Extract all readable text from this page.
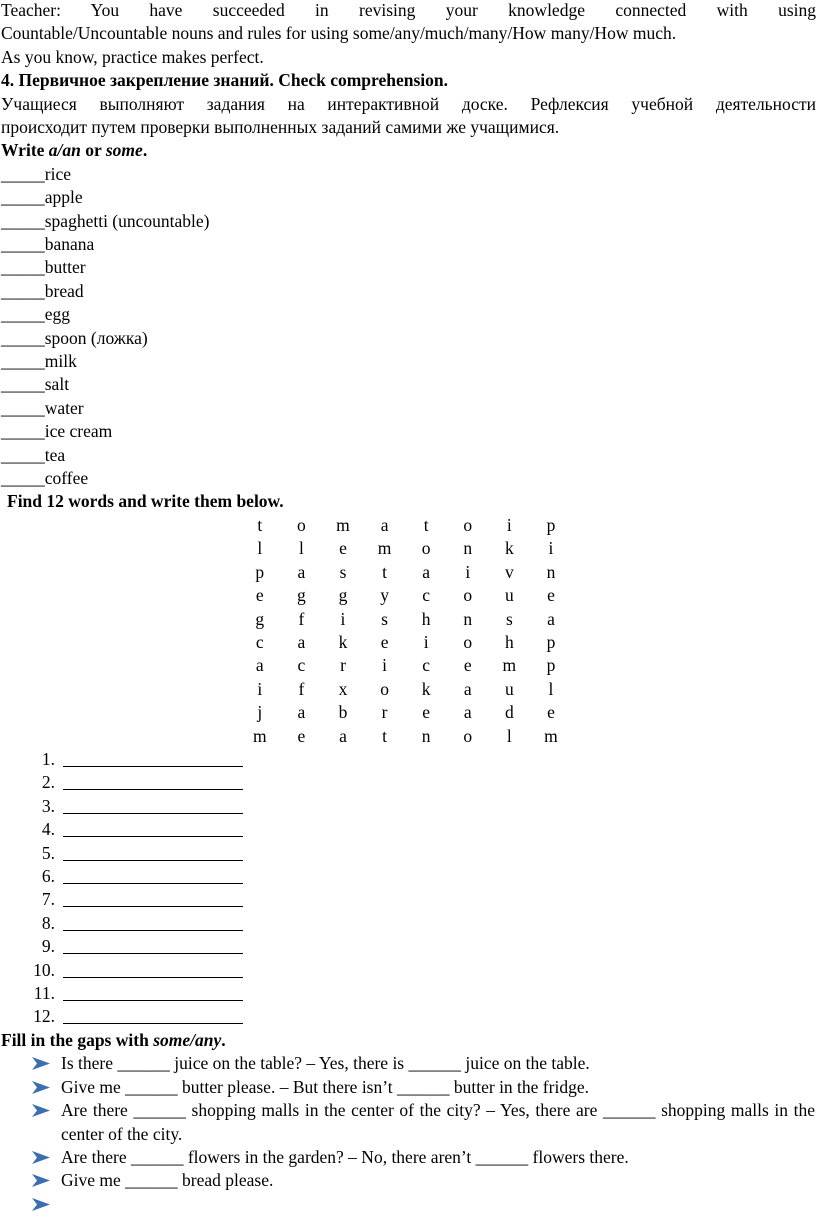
Teacher: You have succeeded in revising your knowledge connected with using
Countable/Uncountable nouns and rules for using some/any/much/many/How many/How much.
As you know, practice makes perfect.
4. Первичное закрепление знаний. Check comprehension.
Учащиеся выполняют задания на интерактивной доске. Рефлексия учебной деятельности
происходит путем проверки выполненных заданий самими же учащимися.
Write a/an or some.
_____rice
_____apple
_____spaghetti (uncountable)
_____banana
_____butter
_____bread
_____egg
_____spoon (ложка)
_____milk
_____salt
_____water
_____ice cream
_____tea
_____coffee
Find 12 words and write them below.
t	o	m	a	t	o	i	p
l	l	e	m	o	n	k	i
p	a	s	t	a	i	v	n
e	g	g	y	c	o	u	e
g	f	i	s	h	n	s	a
c	a	k	e	i	o	h	p
a	c	r	i	c	e	m	p
i	f	x	o	k	a	u	l
j	a	b	r	e	a	d	e
m	e	a	t	n	o	l	m
1.
2.
3.
4.
5.
6.
7.
8.
9.
10.
11.
12.
Fill in the gaps with some/any.
Is there ______ juice on the table? – Yes, there is ______ juice on the table.
Give me ______ butter please. – But there isn’t ______ butter in the fridge.
Are there ______ shopping malls in the center of the city? – Yes, there are ______ shopping malls in the center of the city.
Are there ______ flowers in the garden? – No, there aren’t ______ flowers there.
Give me ______ bread please.
